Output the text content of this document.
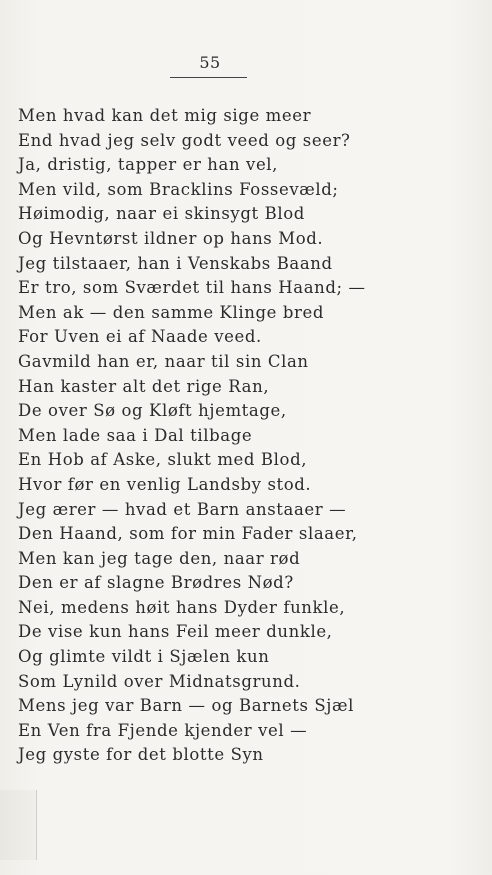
55
Men hvad kan det mig sige meer
End hvad jeg selv godt veed og seer?
Ja, dristig, tapper er han vel,
Men vild, som Bracklins Fossevæld;
Høimodig, naar ei skinsygt Blod
Og Hevntørst ildner op hans Mod.
Jeg tilstaaer, han i Venskabs Baand
Er tro, som Sværdet til hans Haand; —
Men ak — den samme Klinge bred
For Uven ei af Naade veed.
Gavmild han er, naar til sin Clan
Han kaster alt det rige Ran,
De over Sø og Kløft hjemtage,
Men lade saa i Dal tilbage
En Hob af Aske, slukt med Blod,
Hvor før en venlig Landsby stod.
Jeg ærer — hvad et Barn anstaaer —
Den Haand, som for min Fader slaaer,
Men kan jeg tage den, naar rød
Den er af slagne Brødres Nød?
Nei, medens høit hans Dyder funkle,
De vise kun hans Feil meer dunkle,
Og glimte vildt i Sjælen kun
Som Lynild over Midnatsgrund.
Mens jeg var Barn — og Barnets Sjæl
En Ven fra Fjende kjender vel —
Jeg gyste for det blotte Syn
